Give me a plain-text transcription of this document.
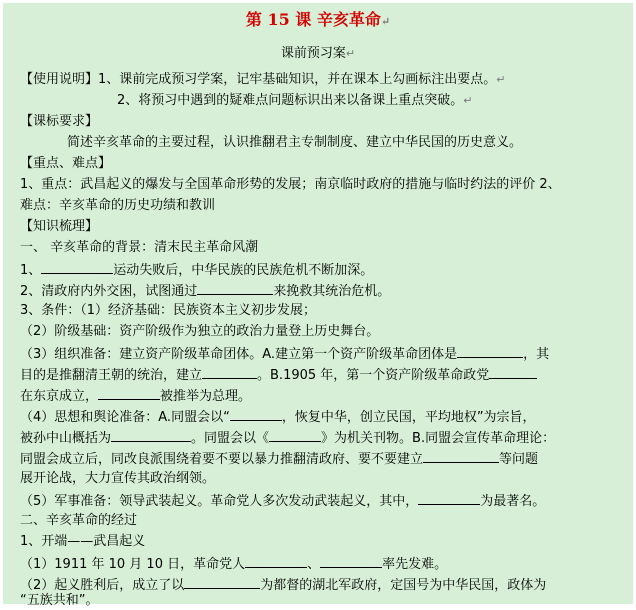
第 15 课 辛亥革命↵
课前预习案↵
【使用说明】1、课前完成预习学案，记牢基础知识，并在课本上勾画标注出要点。↵
2、将预习中遇到的疑难点问题标识出来以备课上重点突破。↵
【课标要求】
简述辛亥革命的主要过程，认识推翻君主专制制度、建立中华民国的历史意义。
【重点、难点】
1、重点：武昌起义的爆发与全国革命形势的发展；南京临时政府的措施与临时约法的评价 2、
难点：辛亥革命的历史功绩和教训
【知识梳理】
一、 辛亥革命的背景：清末民主革命风潮
1、	运动失败后，中华民族的民族危机不断加深。
2、清政府内外交困，试图通过	来挽救其统治危机。
3、条件：（1）经济基础：民族资本主义初步发展；
（2）阶级基础：资产阶级作为独立的政治力量登上历史舞台。
（3）组织准备：建立资产阶级革命团体。A.建立第一个资产阶级革命团体是	，其
目的是推翻清王朝的统治，建立	。B.1905 年，第一个资产阶级革命政党
在东京成立，	被推举为总理。
（4）思想和舆论准备：A.同盟会以“	，恢复中华，创立民国，平均地权”为宗旨，
被孙中山概括为	。同盟会以《	》为机关刊物。B.同盟会宣传革命理论：
同盟会成立后，同改良派围绕着要不要以暴力推翻清政府、要不要建立	等问题
展开论战，大力宣传其政治纲领。
（5）军事准备：领导武装起义。革命党人多次发动武装起义，其中，	为最著名。
二、辛亥革命的经过
1、开端——武昌起义
（1）1911 年 10 月 10 日，革命党人	、	率先发难。
（2）起义胜利后，成立了以	为都督的湖北军政府，定国号为中华民国，政体为
“五族共和”。
